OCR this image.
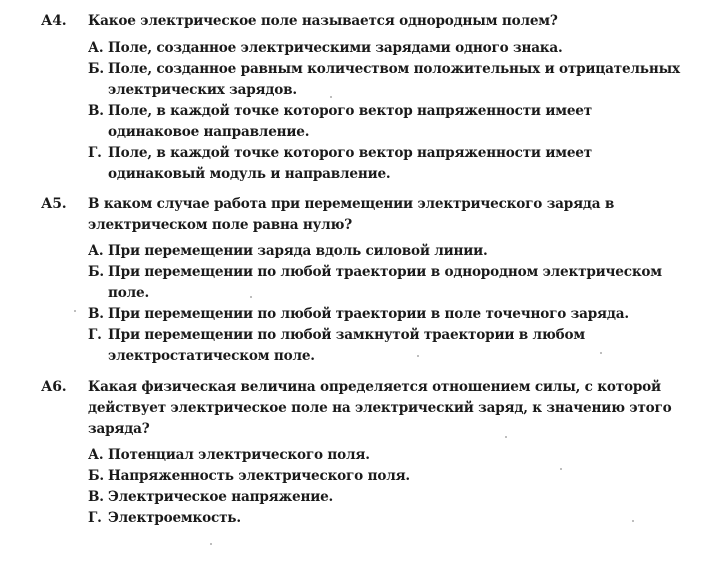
А4. Какое электрическое поле называется однородным полем?

А. Поле, созданное электрическими зарядами одного знака.
Б. Поле, созданное равным количеством положительных и отрицательных электрических зарядов.
В. Поле, в каждой точке которого вектор напряженности имеет одинаковое направление.
Г. Поле, в каждой точке которого вектор напряженности имеет одинаковый модуль и направление.
А5. В каком случае работа при перемещении электрического заряда в электрическом поле равна нулю?

А. При перемещении заряда вдоль силовой линии.
Б. При перемещении по любой траектории в однородном электрическом поле.
В. При перемещении по любой траектории в поле точечного заряда.
Г. При перемещении по любой замкнутой траектории в любом электростатическом поле.
А6. Какая физическая величина определяется отношением силы, с которой действует электрическое поле на электрический заряд, к значению этого заряда?

А. Потенциал электрического поля.
Б. Напряженность электрического поля.
В. Электрическое напряжение.
Г. Электроемкость.
